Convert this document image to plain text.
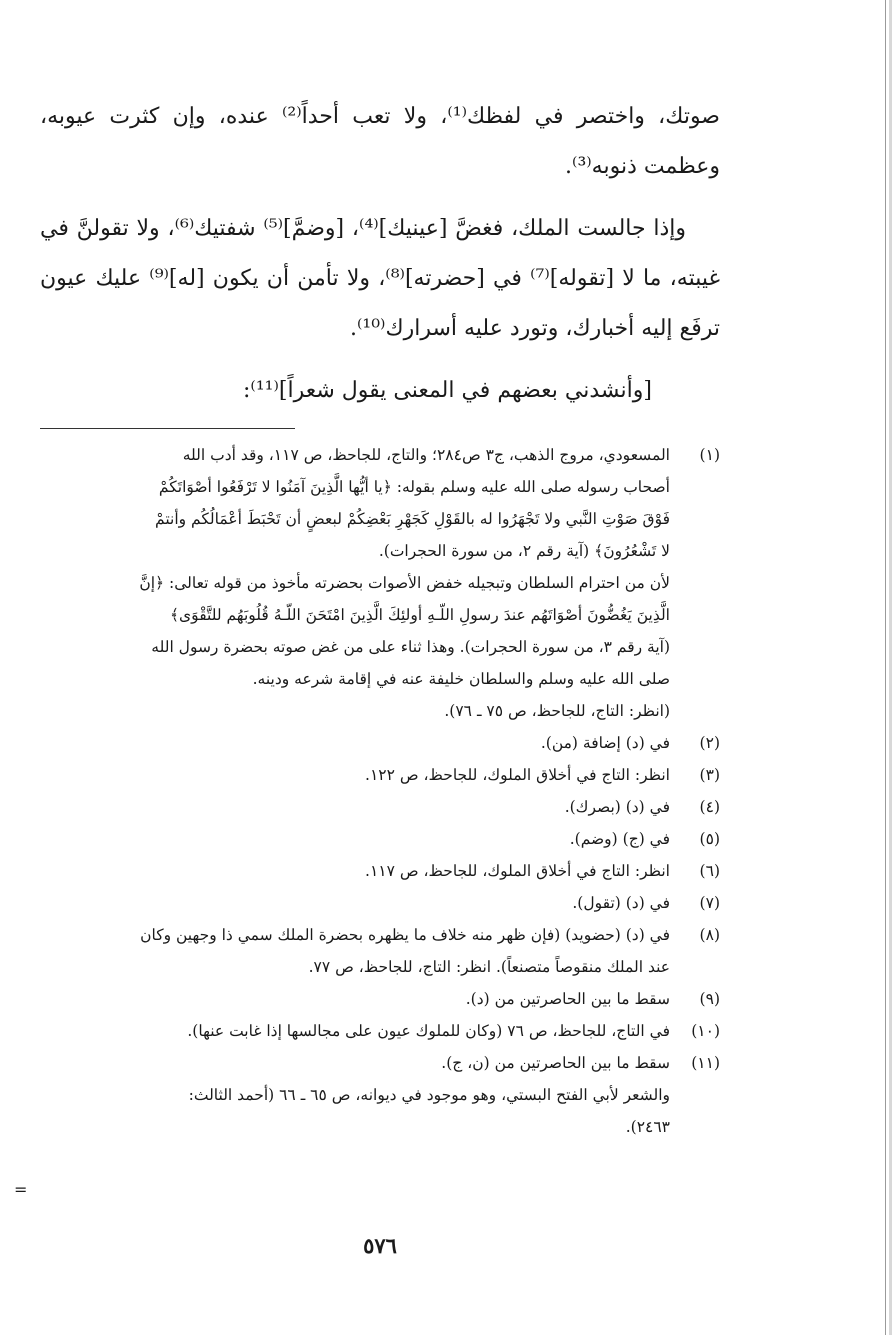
صوتك، واختصر في لفظك⁽¹⁾، ولا تعب أحداً⁽²⁾ عنده، وإن كثرت عيوبه، وعظمت ذنوبه⁽³⁾.

وإذا جالست الملك، فغضَّ [عينيك]⁽⁴⁾، [وضمَّ]⁽⁵⁾ شفتيك⁽⁶⁾، ولا تقولنَّ في غيبته، ما لا [تقوله]⁽⁷⁾ في [حضرته]⁽⁸⁾، ولا تأمن أن يكون [له]⁽⁹⁾ عليك عيون ترفَع إليه أخبارك، وتورد عليه أسرارك⁽¹⁰⁾.

[وأنشدني بعضهم في المعنى يقول شعراً]⁽¹¹⁾:

(١)
المسعودي، مروج الذهب، ج٣ ص٢٨٤؛ والتاج، للجاحظ، ص ١١٧، وقد أدب الله
أصحاب رسوله صلى الله عليه وسلم بقوله: ﴿يا أيُّها الَّذِينَ آمَنُوا لا تَرْفَعُوا أصْوَاتَكُمْ
فَوْقَ صَوْتِ النَّبي ولا تَجْهَرُوا له بالقَوْلِ كَجَهْرِ بَعْضِكُمْ لبعضٍ أن تَحْبَطَ أعْمَالُكُم وأنتمْ
لا تَشْعُرُونَ﴾ (آية رقم ٢، من سورة الحجرات).
لأن من احترام السلطان وتبجيله خفض الأصوات بحضرته مأخوذ من قوله تعالى: ﴿إنَّ
الَّذِينَ يَغُضُّونَ أصْوَاتَهُم عندَ رسولِ اللّـهِ أولئِكَ الَّذِينَ امْتَحَنَ اللّـهُ قُلُوبَهُم للتَّقْوَى﴾
(آية رقم ٣، من سورة الحجرات). وهذا ثناء على من غض صوته بحضرة رسول الله
صلى الله عليه وسلم والسلطان خليفة عنه في إقامة شرعه ودينه.
(انظر: التاج، للجاحظ، ص ٧٥ ـ ٧٦).
(٢)
في (د) إضافة (من).
(٣)
انظر: التاج في أخلاق الملوك، للجاحظ، ص ١٢٢.
(٤)
في (د) (بصرك).
(٥)
في (ج) (وضم).
(٦)
انظر: التاج في أخلاق الملوك، للجاحظ، ص ١١٧.
(٧)
في (د) (تقول).
(٨)
في (د) (حضويد) (فإن ظهر منه خلاف ما يظهره بحضرة الملك سمي ذا وجهين وكان
عند الملك منقوصاً متصنعاً). انظر: التاج، للجاحظ، ص ٧٧.
(٩)
سقط ما بين الحاصرتين من (د).
(١٠)
في التاج، للجاحظ، ص ٧٦ (وكان للملوك عيون على مجالسها إذا غابت عنها).
(١١)
سقط ما بين الحاصرتين من (ن، ج).
والشعر لأبي الفتح البستي، وهو موجود في ديوانه، ص ٦٥ ـ ٦٦ (أحمد الثالث:
٢٤٦٣).
=
٥٧٦
